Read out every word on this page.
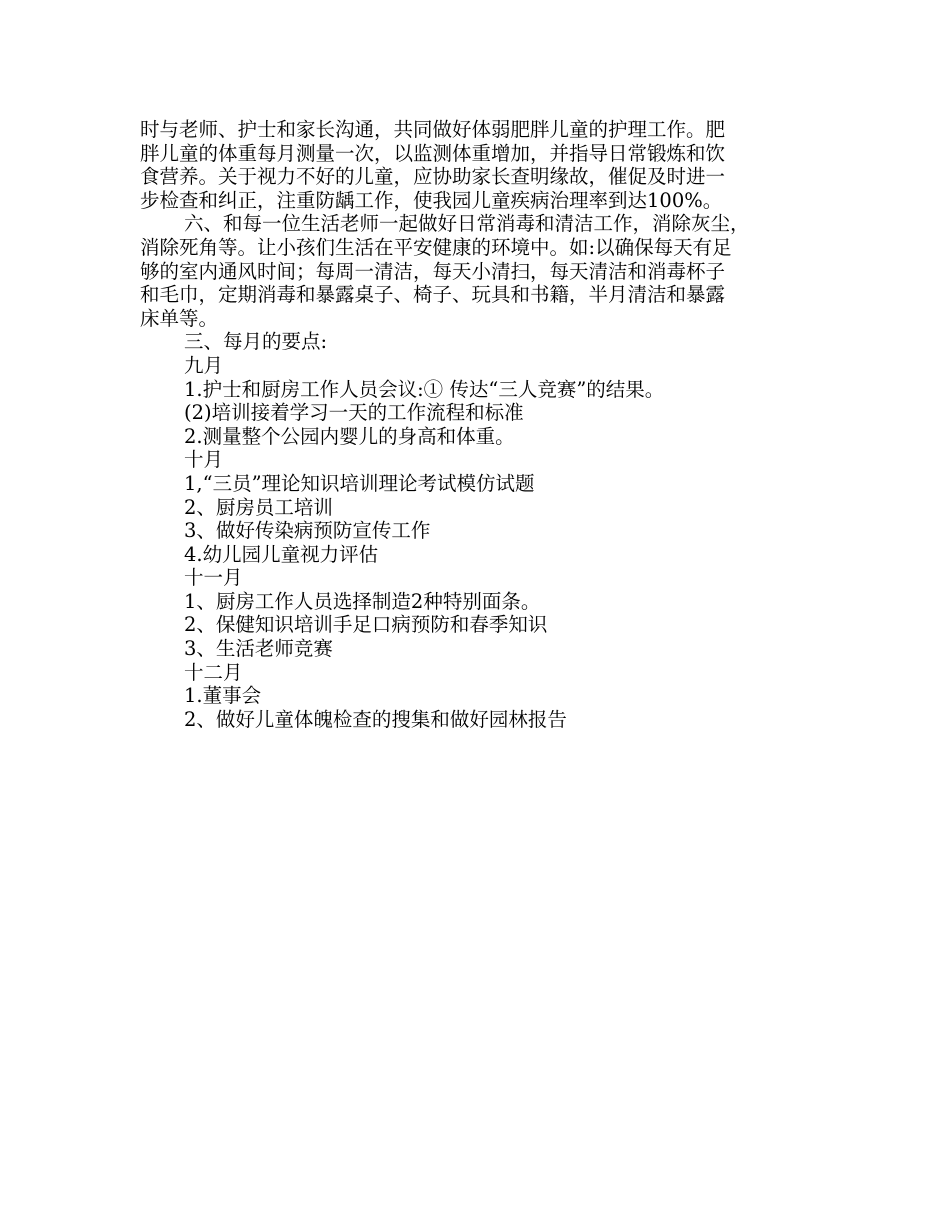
时与老师、护士和家长沟通，共同做好体弱肥胖儿童的护理工作。肥
胖儿童的体重每月测量一次，以监测体重增加，并指导日常锻炼和饮
食营养。关于视力不好的儿童，应协助家长查明缘故，催促及时进一
步检查和纠正，注重防龋工作，使我园儿童疾病治理率到达100%。
六、和每一位生活老师一起做好日常消毒和清洁工作，消除灰尘，
消除死角等。让小孩们生活在平安健康的环境中。如:以确保每天有足
够的室内通风时间；每周一清洁，每天小清扫，每天清洁和消毒杯子
和毛巾，定期消毒和暴露桌子、椅子、玩具和书籍，半月清洁和暴露
床单等。
三、每月的要点:
九月
1.护士和厨房工作人员会议:① 传达“三人竞赛”的结果。
(2)培训接着学习一天的工作流程和标准
2.测量整个公园内婴儿的身高和体重。
十月
1,“三员”理论知识培训理论考试模仿试题
2、厨房员工培训
3、做好传染病预防宣传工作
4.幼儿园儿童视力评估
十一月
1、厨房工作人员选择制造2种特别面条。
2、保健知识培训手足口病预防和春季知识
3、生活老师竞赛
十二月
1.董事会
2、做好儿童体魄检查的搜集和做好园林报告
